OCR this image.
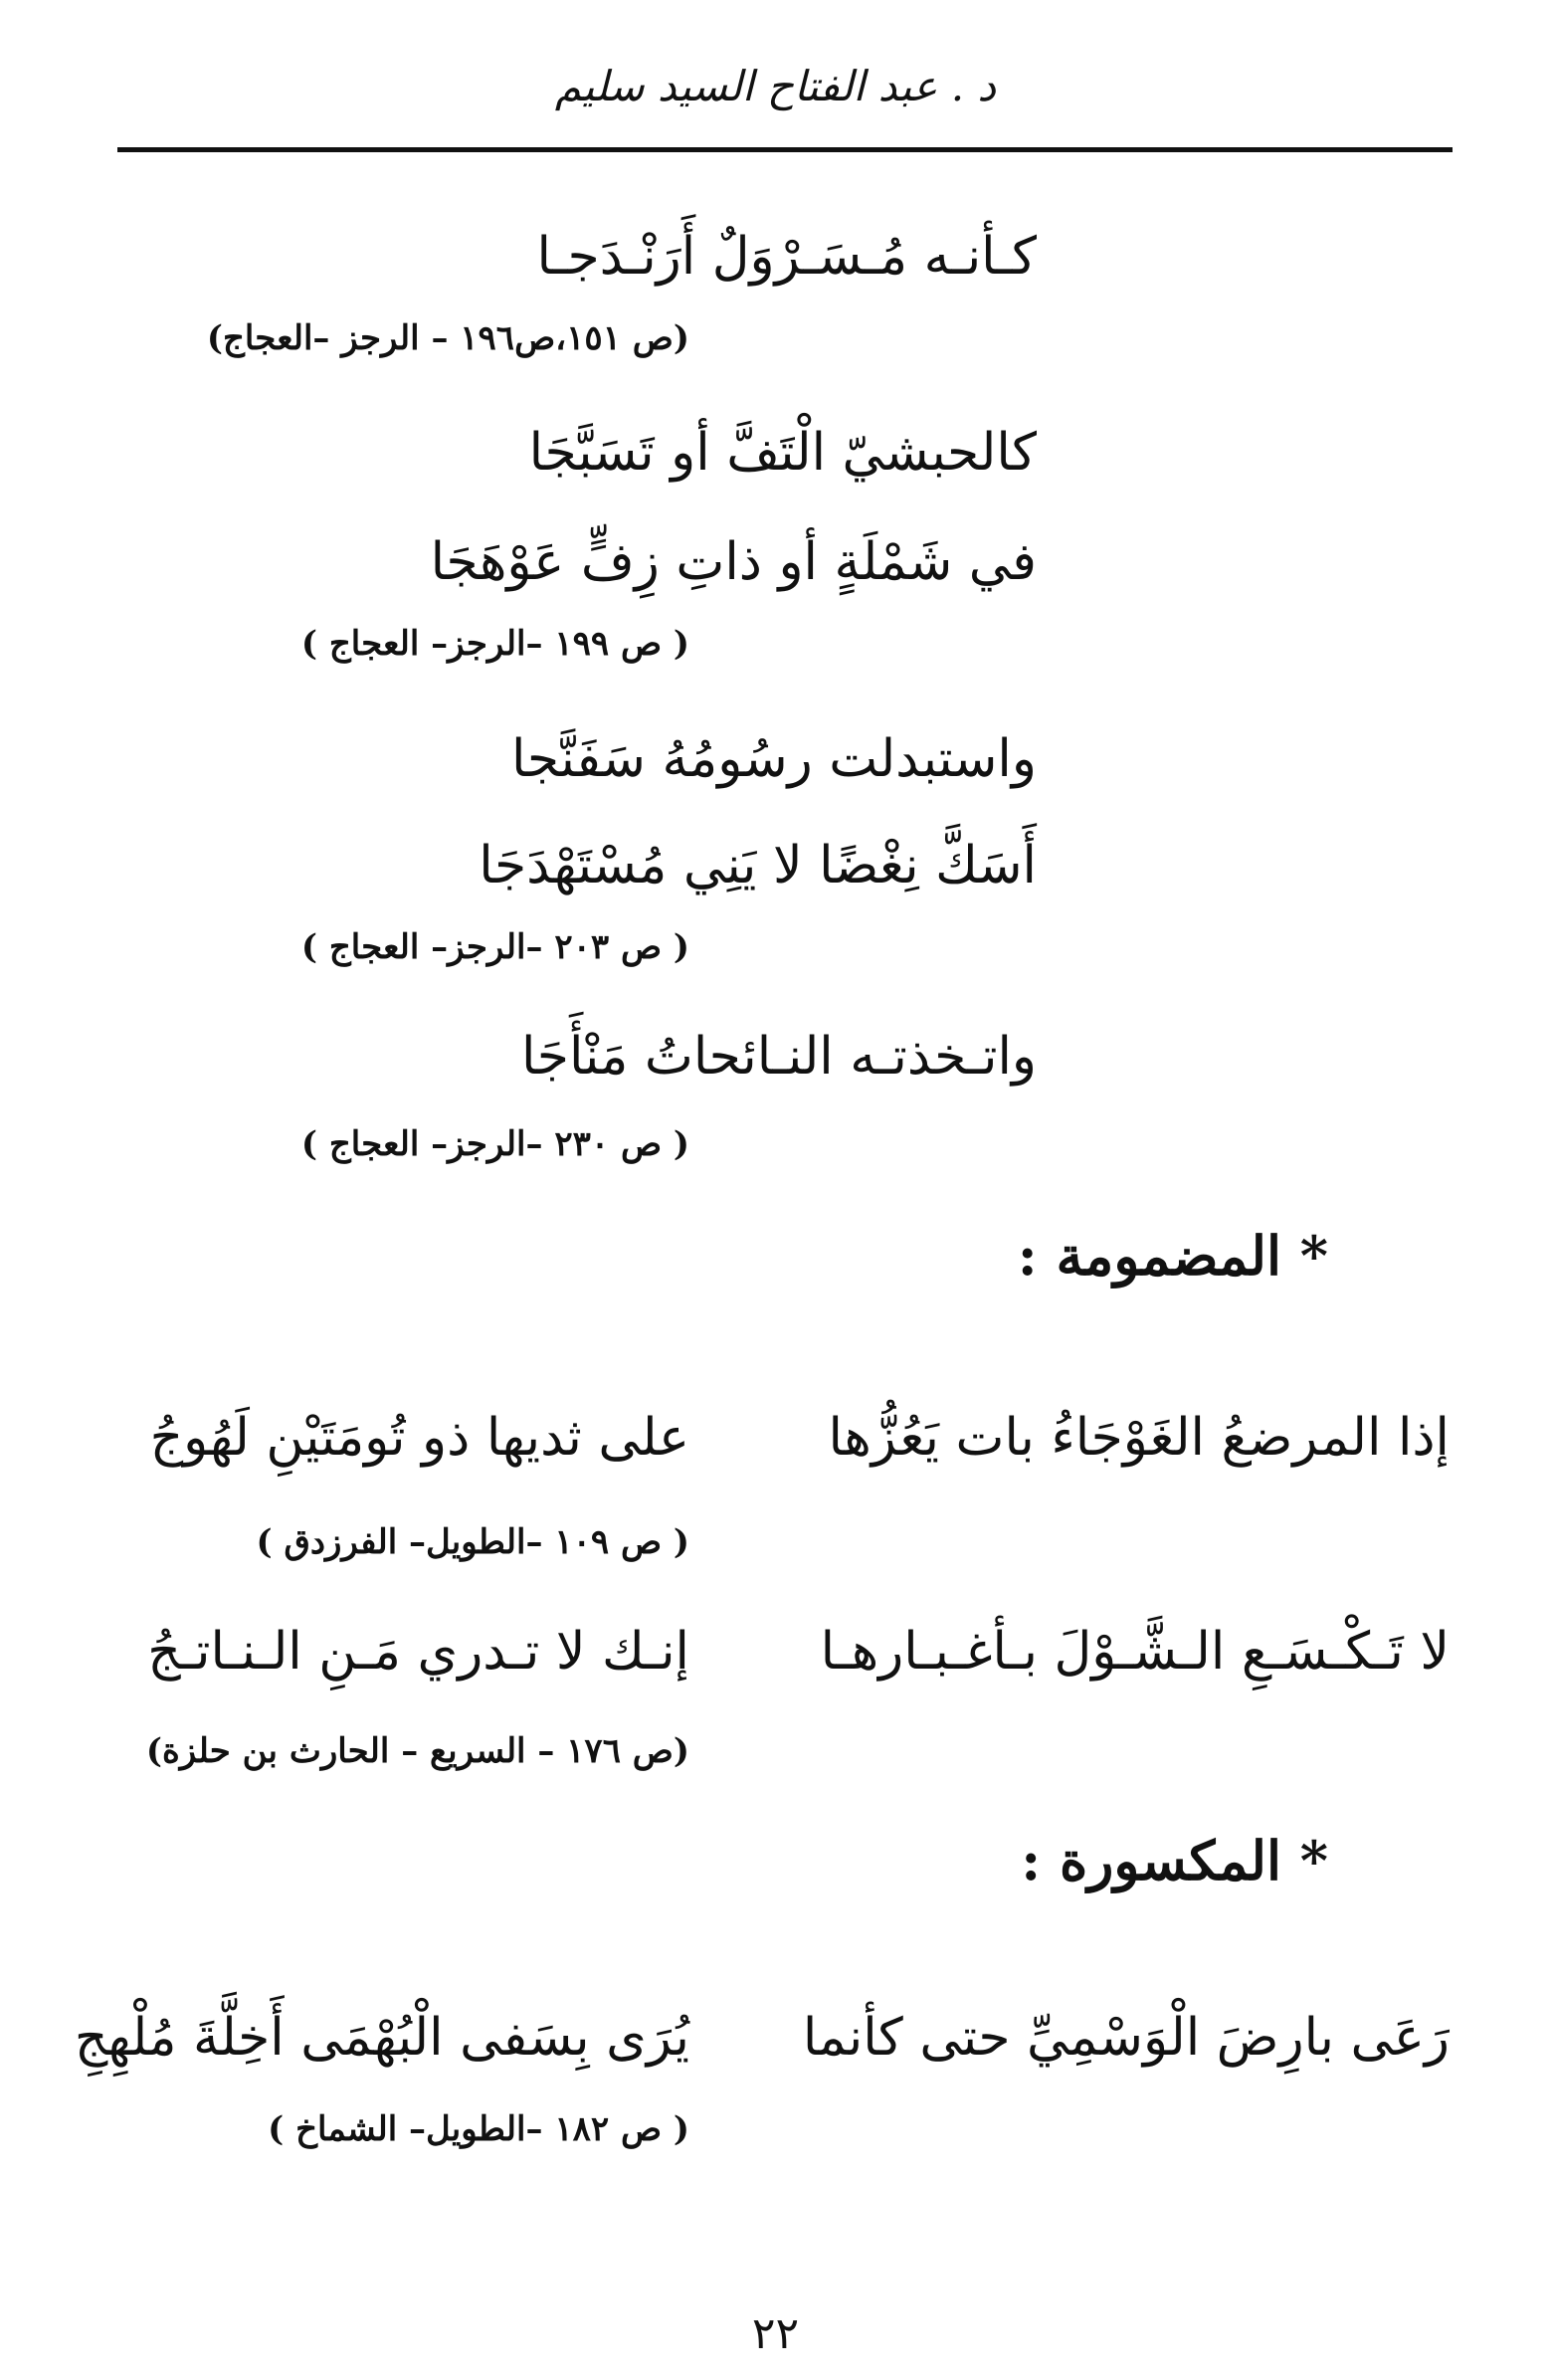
د . عبد الفتاح السيد سليم
كـأنـه مُـسَـرْوَلٌ أَرَنْـدَجـا
(ص ١٥١،ص١٩٦ – الرجز –العجاج)
كالحبشيّ الْتَفَّ أو تَسَبَّجَا
في شَمْلَةٍ أو ذاتِ زِفٍّ عَوْهَجَا
( ص ١٩٩ –الرجز– العجاج )
واستبدلت رسُومُهُ سَفَنَّجا
أَسَكَّ نِغْضًا لا يَنِي مُسْتَهْدَجَا
( ص ٢٠٣ –الرجز– العجاج )
واتـخذتـه النـائحاتُ مَنْأَجَا
( ص ٢٣٠ –الرجز– العجاج )
* المضمومة :
إذا المرضعُ الغَوْجَاءُ بات يَعُزُّها
على ثديها ذو تُومَتَيْنِ لَهُوجُ
( ص ١٠٩ –الطويل– الفرزدق )
لا تَـكْـسَـعِ الـشَّـوْلَ بـأغـبـارهـا
إنـك لا تـدري مَـنِ الـنـاتـجُ
(ص ١٧٦ – السريع – الحارث بن حلزة)
* المكسورة :
رَعَى بارِضَ الْوَسْمِيِّ حتى كأنما
يُرَى بِسَفى الْبُهْمَى أَخِلَّةَ مُلْهِجِ
( ص ١٨٢ –الطويل– الشماخ )
٢٢
